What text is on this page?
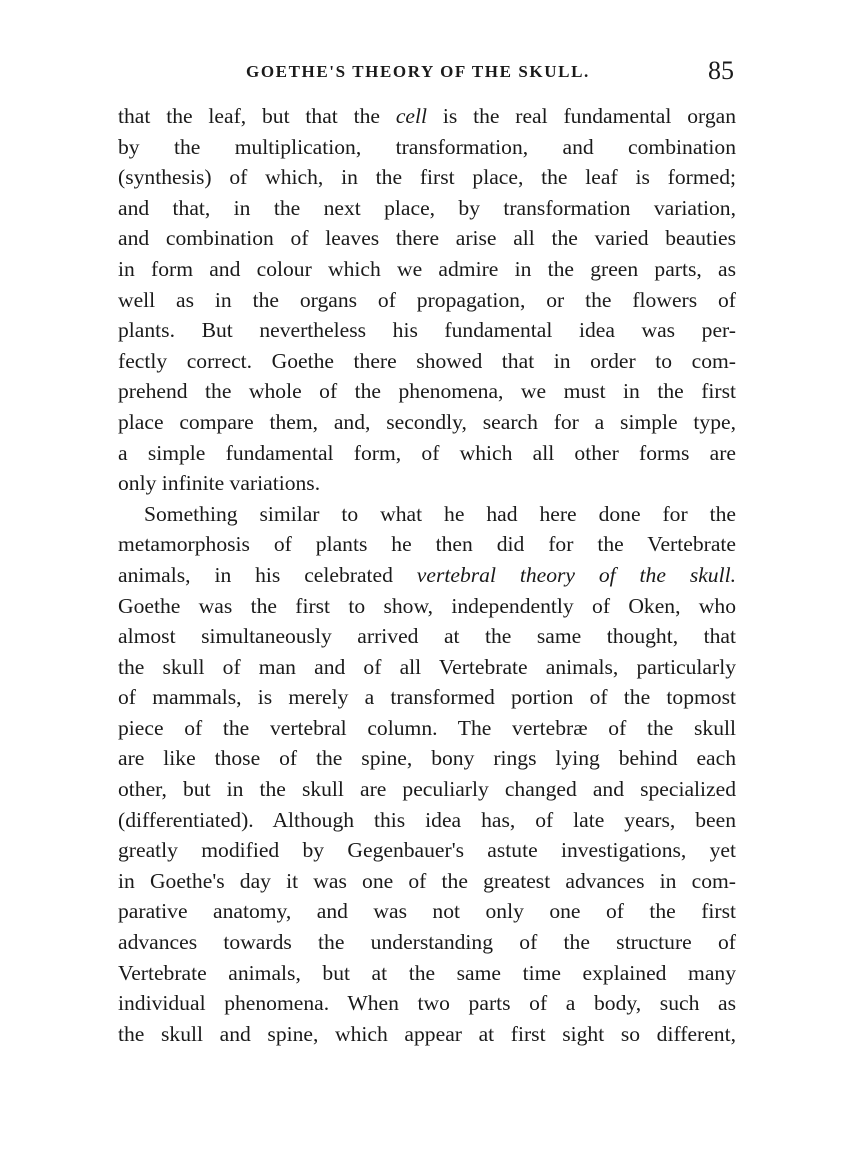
GOETHE'S THEORY OF THE SKULL.	85
that the leaf, but that the cell is the real fundamental organ
by the multiplication, transformation, and combination
(synthesis) of which, in the first place, the leaf is formed;
and that, in the next place, by transformation variation,
and combination of leaves there arise all the varied beauties
in form and colour which we admire in the green parts, as
well as in the organs of propagation, or the flowers of
plants. But nevertheless his fundamental idea was per-
fectly correct. Goethe there showed that in order to com-
prehend the whole of the phenomena, we must in the first
place compare them, and, secondly, search for a simple type,
a simple fundamental form, of which all other forms are
only infinite variations.
Something similar to what he had here done for the
metamorphosis of plants he then did for the Vertebrate
animals, in his celebrated vertebral theory of the skull.
Goethe was the first to show, independently of Oken, who
almost simultaneously arrived at the same thought, that
the skull of man and of all Vertebrate animals, particularly
of mammals, is merely a transformed portion of the topmost
piece of the vertebral column. The vertebræ of the skull
are like those of the spine, bony rings lying behind each
other, but in the skull are peculiarly changed and specialized
(differentiated). Although this idea has, of late years, been
greatly modified by Gegenbauer's astute investigations, yet
in Goethe's day it was one of the greatest advances in com-
parative anatomy, and was not only one of the first
advances towards the understanding of the structure of
Vertebrate animals, but at the same time explained many
individual phenomena. When two parts of a body, such as
the skull and spine, which appear at first sight so different,
